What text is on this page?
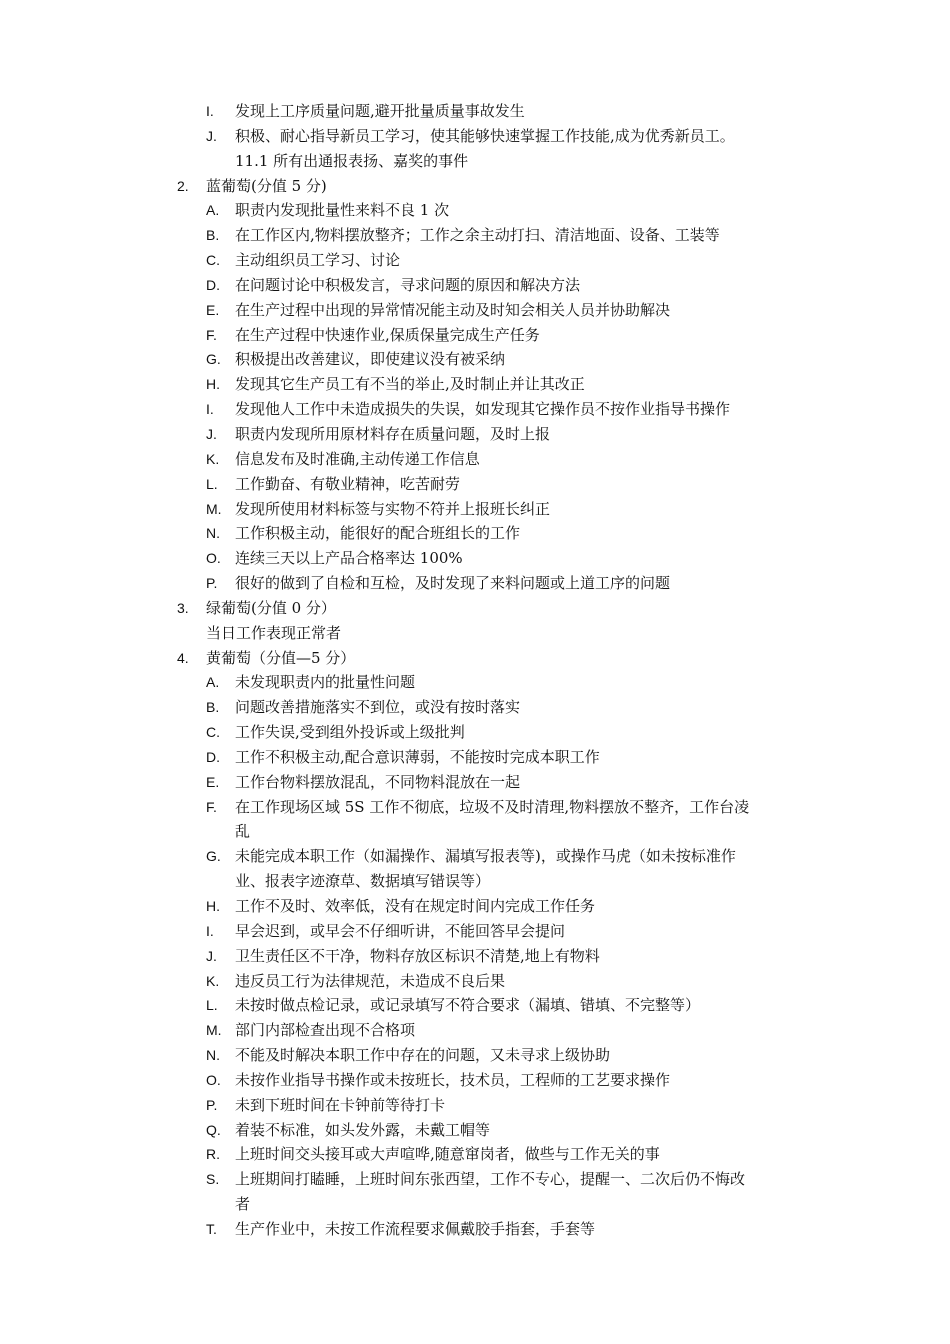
I. 发现上工序质量问题,避开批量质量事故发生
J. 积极、耐心指导新员工学习，使其能够快速掌握工作技能,成为优秀新员工。
11.1 所有出通报表扬、嘉奖的事件
2. 蓝葡萄(分值 5 分)
A. 职责内发现批量性来料不良 1 次
B. 在工作区内,物料摆放整齐；工作之余主动打扫、清洁地面、设备、工装等
C. 主动组织员工学习、讨论
D. 在问题讨论中积极发言，寻求问题的原因和解决方法
E. 在生产过程中出现的异常情况能主动及时知会相关人员并协助解决
F. 在生产过程中快速作业,保质保量完成生产任务
G. 积极提出改善建议，即使建议没有被采纳
H. 发现其它生产员工有不当的举止,及时制止并让其改正
I. 发现他人工作中未造成损失的失误，如发现其它操作员不按作业指导书操作
J. 职责内发现所用原材料存在质量问题，及时上报
K. 信息发布及时准确,主动传递工作信息
L. 工作勤奋、有敬业精神，吃苦耐劳
M. 发现所使用材料标签与实物不符并上报班长纠正
N. 工作积极主动，能很好的配合班组长的工作
O. 连续三天以上产品合格率达 100%
P. 很好的做到了自检和互检，及时发现了来料问题或上道工序的问题
3. 绿葡萄(分值 0 分）
当日工作表现正常者
4. 黄葡萄（分值—5 分）
A. 未发现职责内的批量性问题
B. 问题改善措施落实不到位，或没有按时落实
C. 工作失误,受到组外投诉或上级批判
D. 工作不积极主动,配合意识薄弱，不能按时完成本职工作
E. 工作台物料摆放混乱，不同物料混放在一起
F. 在工作现场区域 5S 工作不彻底，垃圾不及时清理,物料摆放不整齐，工作台凌
乱
G. 未能完成本职工作（如漏操作、漏填写报表等)，或操作马虎（如未按标准作
业、报表字迹潦草、数据填写错误等）
H. 工作不及时、效率低，没有在规定时间内完成工作任务
I. 早会迟到，或早会不仔细听讲，不能回答早会提问
J. 卫生责任区不干净，物料存放区标识不清楚,地上有物料
K. 违反员工行为法律规范，未造成不良后果
L. 未按时做点检记录，或记录填写不符合要求（漏填、错填、不完整等）
M. 部门内部检查出现不合格项
N. 不能及时解决本职工作中存在的问题，又未寻求上级协助
O. 未按作业指导书操作或未按班长，技术员，工程师的工艺要求操作
P. 未到下班时间在卡钟前等待打卡
Q. 着装不标准，如头发外露，未戴工帽等
R. 上班时间交头接耳或大声喧哗,随意窜岗者，做些与工作无关的事
S. 上班期间打瞌睡，上班时间东张西望，工作不专心，提醒一、二次后仍不悔改
者
T. 生产作业中，未按工作流程要求佩戴胶手指套，手套等
